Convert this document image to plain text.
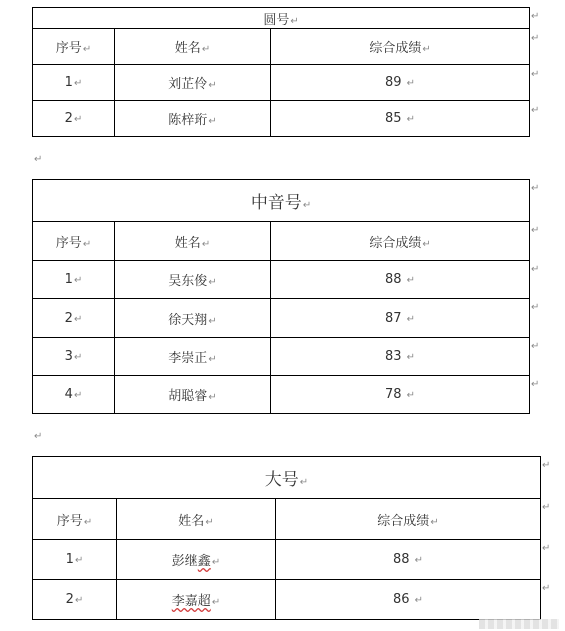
圆号↵		
序号↵	姓名↵	综合成绩↵
1↵	刘芷伶↵	89 ↵
2↵	陈梓珩↵	85 ↵
↵
↵
↵
↵
↵
中音号↵		
序号↵	姓名↵	综合成绩↵
1↵	吴东俊↵	88 ↵
2↵	徐天翔↵	87 ↵
3↵	李崇正↵	83 ↵
4↵	胡聪睿↵	78 ↵
↵
↵
↵
↵
↵
↵
↵
大号↵		
序号↵	姓名↵	综合成绩↵
1↵	彭继鑫↵	88 ↵
2↵	李嘉超↵	86 ↵
↵
↵
↵
↵
